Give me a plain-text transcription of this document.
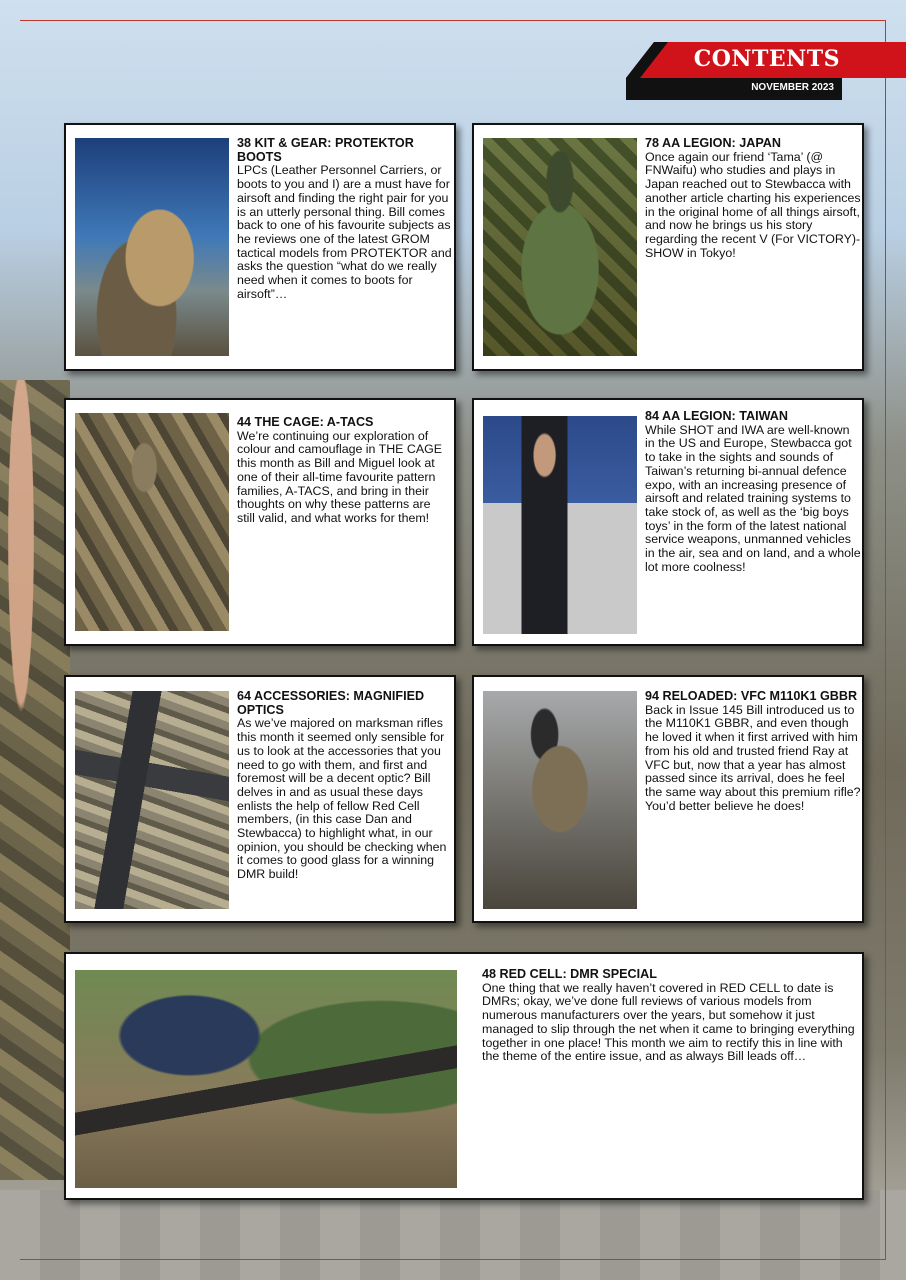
CONTENTS
NOVEMBER 2023
38 KIT & GEAR: PROTEKTOR BOOTS

LPCs (Leather Personnel Carriers, or boots to you and I) are a must have for airsoft and finding the right pair for you is an utterly personal thing. Bill comes back to one of his favourite subjects as he reviews one of the latest GROM tactical models from PROTEKTOR and asks the question “what do we really need when it comes to boots for airsoft”…

78 AA LEGION: JAPAN

Once again our friend ‘Tama’ (@ FNWaifu) who studies and plays in Japan reached out to Stewbacca with another article charting his experiences in the original home of all things airsoft, and now he brings us his story regarding the recent V (For VICTORY)-SHOW in Tokyo!

44 THE CAGE: A-TACS

We’re continuing our exploration of colour and camouflage in THE CAGE this month as Bill and Miguel look at one of their all-time favourite pattern families, A-TACS, and bring in their thoughts on why these patterns are still valid, and what works for them!

84 AA LEGION: TAIWAN

While SHOT and IWA are well-known in the US and Europe, Stewbacca got to take in the sights and sounds of Taiwan’s returning bi-annual defence expo, with an increasing presence of airsoft and related training systems to take stock of, as well as the ‘big boys toys’ in the form of the latest national service weapons, unmanned vehicles in the air, sea and on land, and a whole lot more coolness!

64 ACCESSORIES: MAGNIFIED OPTICS

As we’ve majored on marksman rifles this month it seemed only sensible for us to look at the accessories that you need to go with them, and first and foremost will be a decent optic? Bill delves in and as usual these days enlists the help of fellow Red Cell members, (in this case Dan and Stewbacca) to highlight what, in our opinion, you should be checking when it comes to good glass for a winning DMR build!

94 RELOADED: VFC M110K1 GBBR

Back in Issue 145 Bill introduced us to the M110K1 GBBR, and even though he loved it when it first arrived with him from his old and trusted friend Ray at VFC but, now that a year has almost passed since its arrival, does he feel the same way about this premium rifle? You’d better believe he does!

48 RED CELL: DMR SPECIAL

One thing that we really haven’t covered in RED CELL to date is DMRs; okay, we’ve done full reviews of various models from numerous manufacturers over the years, but somehow it just managed to slip through the net when it came to bringing everything together in one place! This month we aim to rectify this in line with the theme of the entire issue, and as always Bill leads off…
